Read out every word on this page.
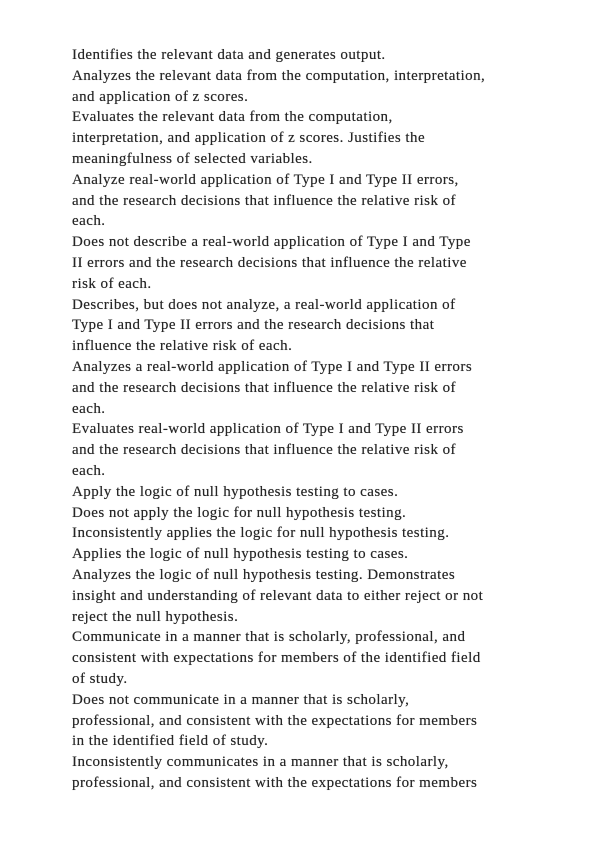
Identifies the relevant data and generates output.
Analyzes the relevant data from the computation, interpretation,
and application of z scores.
Evaluates the relevant data from the computation,
interpretation, and application of z scores. Justifies the
meaningfulness of selected variables.
Analyze real-world application of Type I and Type II errors,
and the research decisions that influence the relative risk of
each.
Does not describe a real-world application of Type I and Type
II errors and the research decisions that influence the relative
risk of each.
Describes, but does not analyze, a real-world application of
Type I and Type II errors and the research decisions that
influence the relative risk of each.
Analyzes a real-world application of Type I and Type II errors
and the research decisions that influence the relative risk of
each.
Evaluates real-world application of Type I and Type II errors
and the research decisions that influence the relative risk of
each.
Apply the logic of null hypothesis testing to cases.
Does not apply the logic for null hypothesis testing.
Inconsistently applies the logic for null hypothesis testing.
Applies the logic of null hypothesis testing to cases.
Analyzes the logic of null hypothesis testing. Demonstrates
insight and understanding of relevant data to either reject or not
reject the null hypothesis.
Communicate in a manner that is scholarly, professional, and
consistent with expectations for members of the identified field
of study.
Does not communicate in a manner that is scholarly,
professional, and consistent with the expectations for members
in the identified field of study.
Inconsistently communicates in a manner that is scholarly,
professional, and consistent with the expectations for members
